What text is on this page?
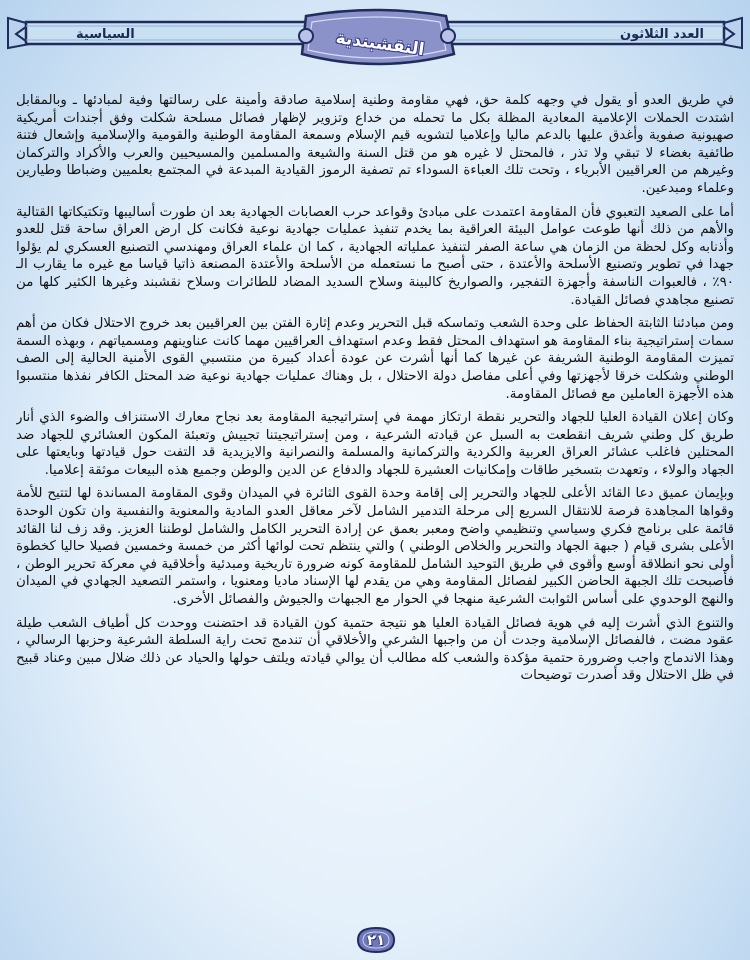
العدد الثلاثون
السياسية	النقشبندية

في طريق العدو أو يقول في وجهه كلمة حق، فهي مقاومة وطنية إسلامية صادقة وأمينة على رسالتها وفية لمبادئها ـ وبالمقابل اشتدت الحملات الإعلامية المعادية المظلة بكل ما تحمله من خداع وتزوير لإظهار فصائل مسلحة شكلت وفق أجندات أمريكية صهيونية صفوية وأغدق عليها بالدعم ماليا وإعلاميا لتشويه قيم الإسلام وسمعة المقاومة الوطنية والقومية والإسلامية وإشعال فتنة طائفية بغضاء لا تبقي ولا تذر ، فالمحتل لا غيره هو من قتل السنة والشيعة والمسلمين والمسيحيين والعرب والأكراد والتركمان وغيرهم من العراقيين الأبرياء ، وتحت تلك العباءة السوداء تم تصفية الرموز القيادية المبدعة في المجتمع بعلميين وضباطا وطيارين وعلماء ومبدعين.

أما على الصعيد التعبوي فأن المقاومة اعتمدت على مبادئ وقواعد حرب العصابات الجهادية بعد ان طورت أساليبها وتكتيكاتها القتالية والأهم من ذلك أنها طوعت عوامل البيئة العراقية بما يخدم تنفيذ عمليات جهادية نوعية فكانت كل ارض العراق ساحة قتل للعدو وأذنابه وكل لحظة من الزمان هي ساعة الصفر لتنفيذ عملياته الجهادية ، كما ان علماء العراق ومهندسي التصنيع العسكري لم يؤلوا جهدا في تطوير وتصنيع الأسلحة والأعتدة ، حتى أصبح ما نستعمله من الأسلحة والأعتدة المصنعة ذاتيا قياسا مع غيره ما يقارب الـ ٩٠٪ ، فالعبوات الناسفة وأجهزة التفجير، والصواريخ كالبينة وسلاح السديد المضاد للطائرات وسلاح نقشبند وغيرها الكثير كلها من تصنيع مجاهدي فصائل القيادة.

ومن مبادئنا الثابتة الحفاظ على وحدة الشعب وتماسكه قبل التحرير وعدم إثارة الفتن بين العراقيين بعد خروج الاحتلال فكان من أهم سمات إستراتيجية بناء المقاومة هو استهداف المحتل فقط وعدم استهداف العراقيين مهما كانت عناوينهم ومسمياتهم ، وبهذه السمة تميزت المقاومة الوطنية الشريفة عن غيرها كما أنها أشرت عن عودة أعداد كبيرة من منتسبي القوى الأمنية الحالية إلى الصف الوطني وشكلت خرقا لأجهزتها وفي أعلى مفاصل دولة الاحتلال ، بل وهناك عمليات جهادية نوعية ضد المحتل الكافر نفذها منتسبوا هذه الأجهزة العاملين مع فصائل المقاومة.

وكان إعلان القيادة العليا للجهاد والتحرير نقطة ارتكاز مهمة في إستراتيجية المقاومة بعد نجاح معارك الاستنزاف والضوء الذي أنار طريق كل وطني شريف انقطعت به السبل عن قيادته الشرعية ، ومن إستراتيجيتنا تجييش وتعبئة المكون العشائري للجهاد ضد المحتلين فاغلب عشائر العراق العربية والكردية والتركمانية والمسلمة والنصرانية والايزيدية قد التفت حول قيادتها وبايعتها على الجهاد والولاء ، وتعهدت بتسخير طاقات وإمكانيات العشيرة للجهاد والدفاع عن الدين والوطن وجميع هذه البيعات موثقة إعلاميا.

وبإيمان عميق دعا القائد الأعلى للجهاد والتحرير إلى إقامة وحدة القوى الثائرة في الميدان وقوى المقاومة المساندة لها لتتيح للأمة وقواها المجاهدة فرصة للانتقال السريع إلى مرحلة التدمير الشامل لآخر معاقل العدو المادية والمعنوية والنفسية وان تكون الوحدة قائمة على برنامج فكري وسياسي وتنظيمي واضح ومعبر بعمق عن إرادة التحرير الكامل والشامل لوطننا العزيز. وقد زف لنا القائد الأعلى بشرى قيام ( جبهة الجهاد والتحرير والخلاص الوطني ) والتي ينتظم تحت لوائها أكثر من خمسة وخمسين فصيلا حاليا كخطوة أولى نحو انطلاقة أوسع وأقوى في طريق التوحيد الشامل للمقاومة كونه ضرورة تاريخية ومبدئية وأخلاقية في معركة تحرير الوطن ، فأصبحت تلك الجبهة الحاضن الكبير لفصائل المقاومة وهي من يقدم لها الإسناد ماديا ومعنويا ، واستمر التصعيد الجهادي في الميدان والنهج الوحدوي على أساس الثوابت الشرعية منهجا في الحوار مع الجبهات والجيوش والفصائل الأخرى.

والتنوع الذي أشرت إليه في هوية فصائل القيادة العليا هو نتيجة حتمية كون القيادة قد احتضنت ووحدت كل أطياف الشعب طيلة عقود مضت ، فالفصائل الإسلامية وجدت أن من واجبها الشرعي والأخلاقي أن تندمج تحت راية السلطة الشرعية وحزبها الرسالي ، وهذا الاندماج واجب وضرورة حتمية مؤكدة والشعب كله مطالب أن يوالي قيادته ويلتف حولها والحياد عن ذلك ضلال مبين وعناد قبيح في ظل الاحتلال وقد أصدرت توضيحات

٢١
